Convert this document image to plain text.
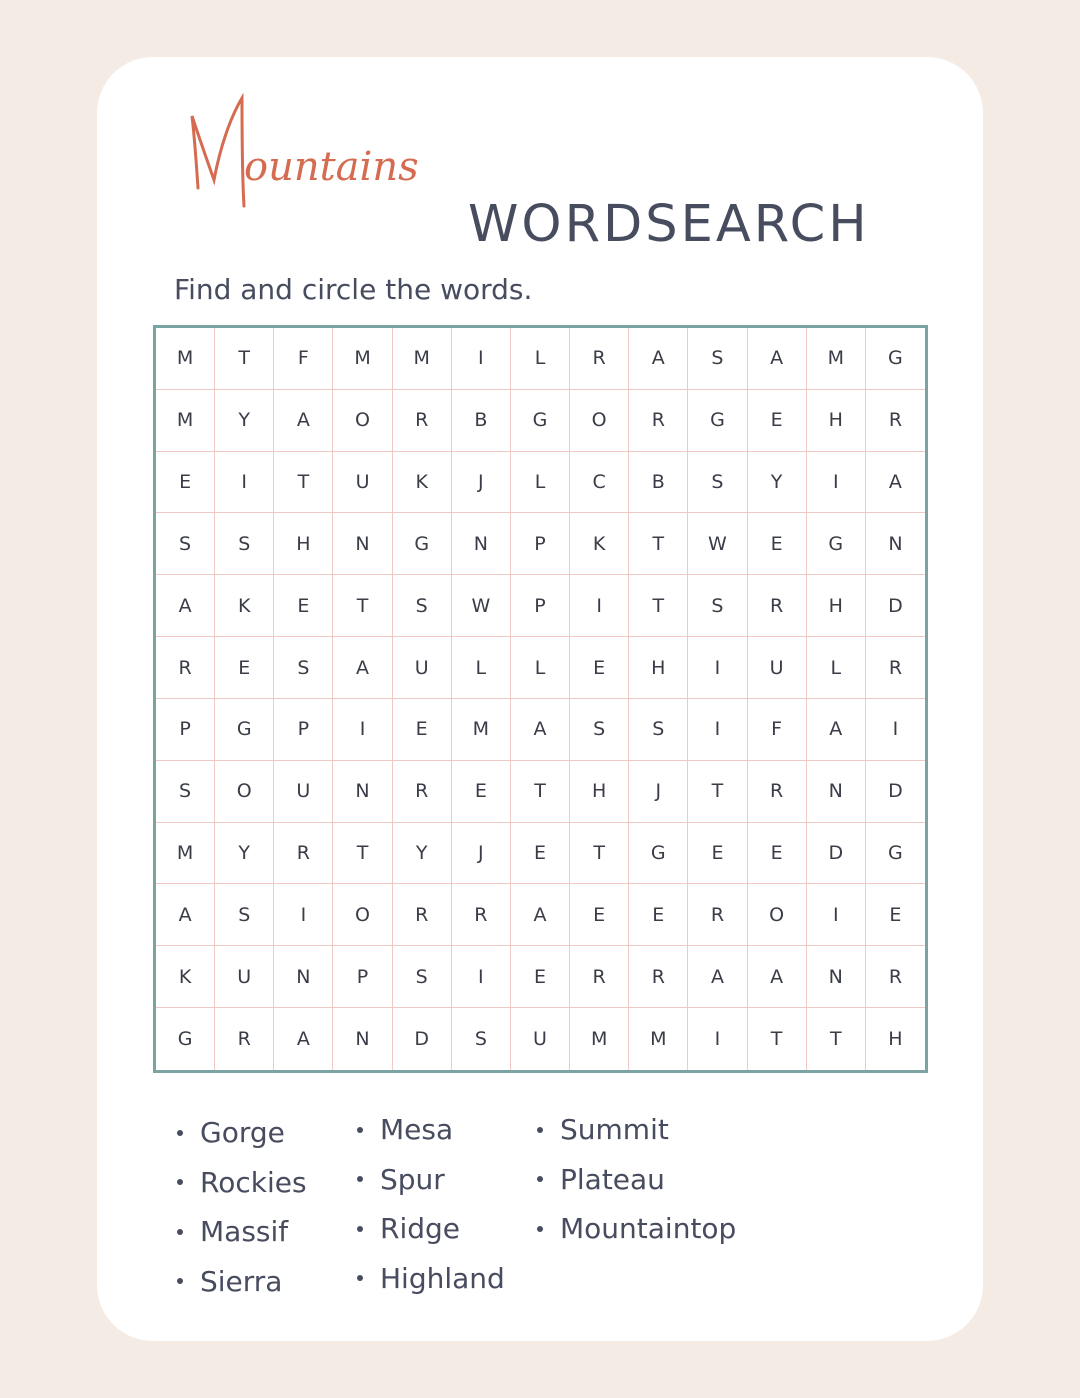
ountains
WORDSEARCH
Find and circle the words.
M	T	F	M	M	I	L	R	A	S	A	M	G
M	Y	A	O	R	B	G	O	R	G	E	H	R
E	I	T	U	K	J	L	C	B	S	Y	I	A
S	S	H	N	G	N	P	K	T	W	E	G	N
A	K	E	T	S	W	P	I	T	S	R	H	D
R	E	S	A	U	L	L	E	H	I	U	L	R
P	G	P	I	E	M	A	S	S	I	F	A	I
S	O	U	N	R	E	T	H	J	T	R	N	D
M	Y	R	T	Y	J	E	T	G	E	E	D	G
A	S	I	O	R	R	A	E	E	R	O	I	E
K	U	N	P	S	I	E	R	R	A	A	N	R
G	R	A	N	D	S	U	M	M	I	T	T	H
Gorge
Rockies
Massif
Sierra
Mesa
Spur
Ridge
Highland
Summit
Plateau
Mountaintop
